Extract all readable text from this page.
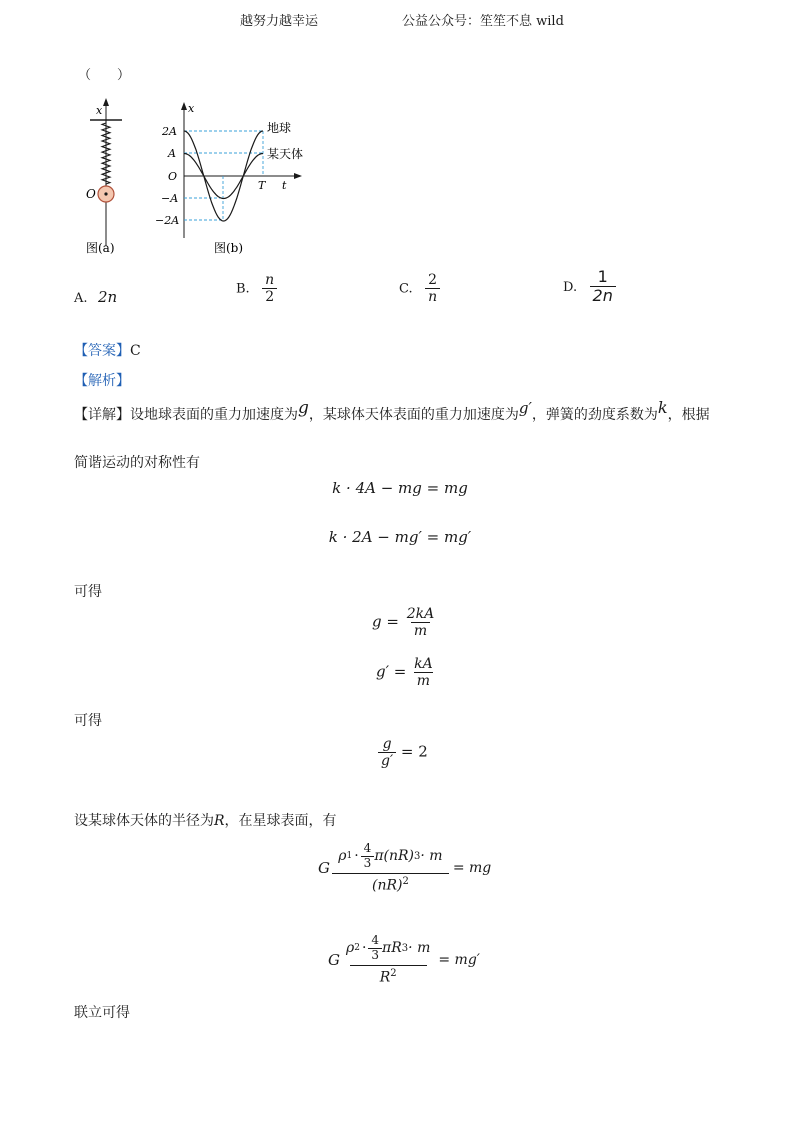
越努力越幸运	公益公众号：笙笙不息 wild
（　　）
x
O
图(a)
x
2A
A
O
−A
−2A
T t
地球
某天体
图(b)
A. 2n	B. $\frac{n}{2}$	C. $\frac{2}{n}$	D. $\frac{1}{2n}$
【答案】C
【解析】
【详解】设地球表面的重力加速度为g，某球体天体表面的重力加速度为g′，弹簧的劲度系数为k，根据
简谐运动的对称性有
k · 4A − mg = mg
k · 2A − mg′ = mg′
可得
$g = \frac{2kA}{m}$
$g' = \frac{kA}{m}$
可得
$\frac{g}{g'} = 2$
设某球体天体的半径为R，在星球表面，有
G
ρ $1 \cdot \frac{4}{3}$ π (nR) 3 · m
(nR)$^2$
= mg
G
ρ $2 \cdot \frac{4}{3}$ π R 3 · m
$R^2$
= mg′
联立可得
